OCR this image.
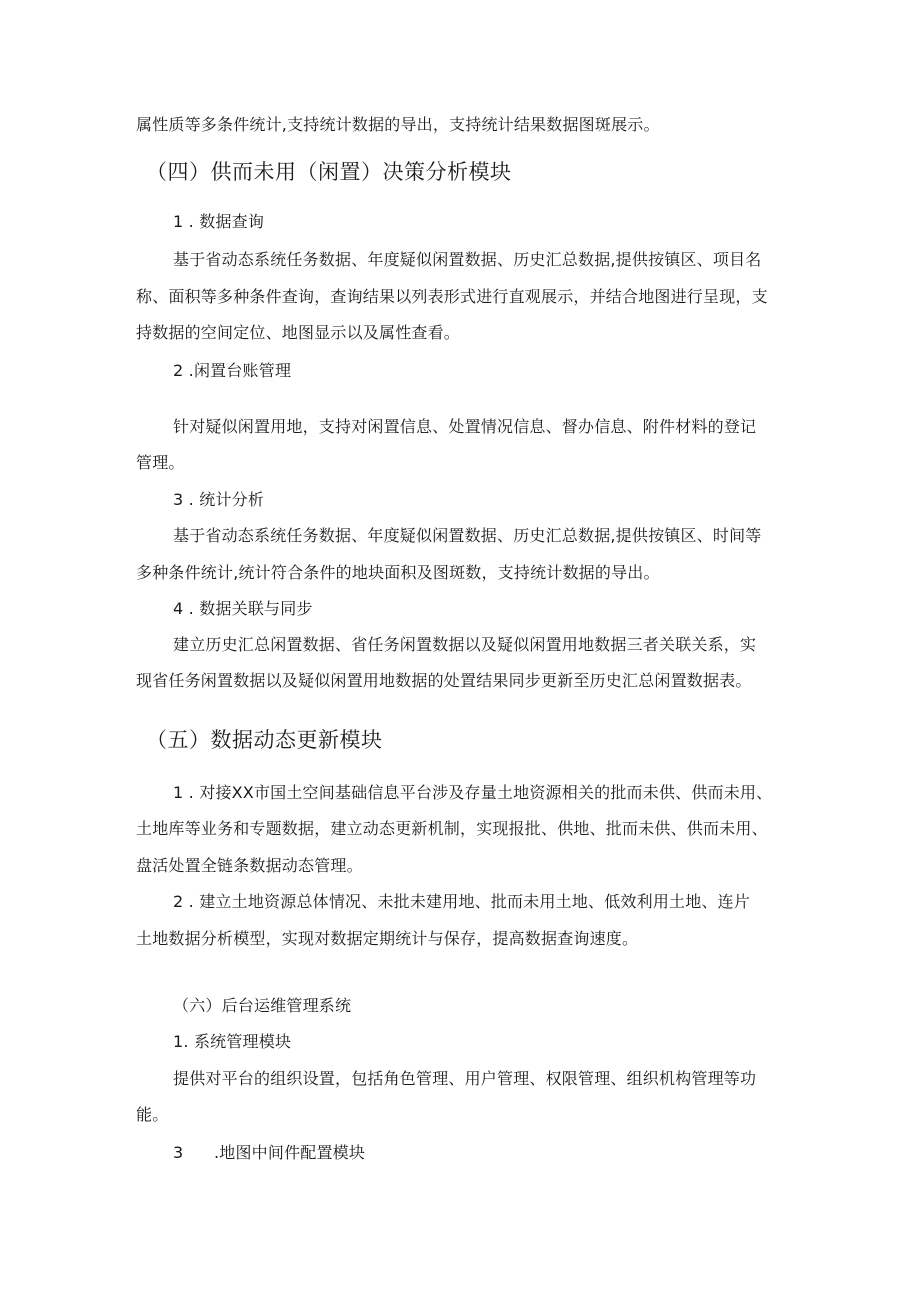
属性质等多条件统计,支持统计数据的导出，支持统计结果数据图斑展示。
（四）供而未用（闲置）决策分析模块
1 . 数据查询
基于省动态系统任务数据、年度疑似闲置数据、历史汇总数据,提供按镇区、项目名
称、面积等多种条件查询，查询结果以列表形式进行直观展示，并结合地图进行呈现，支
持数据的空间定位、地图显示以及属性查看。
2 .闲置台账管理
针对疑似闲置用地，支持对闲置信息、处置情况信息、督办信息、附件材料的登记
管理。
3 . 统计分析
基于省动态系统任务数据、年度疑似闲置数据、历史汇总数据,提供按镇区、时间等
多种条件统计,统计符合条件的地块面积及图斑数，支持统计数据的导出。
4 . 数据关联与同步
建立历史汇总闲置数据、省任务闲置数据以及疑似闲置用地数据三者关联关系，实
现省任务闲置数据以及疑似闲置用地数据的处置结果同步更新至历史汇总闲置数据表。
（五）数据动态更新模块
1 . 对接XX市国土空间基础信息平台涉及存量土地资源相关的批而未供、供而未用、
土地库等业务和专题数据，建立动态更新机制，实现报批、供地、批而未供、供而未用、
盘活处置全链条数据动态管理。
2 . 建立土地资源总体情况、未批未建用地、批而未用土地、低效利用土地、连片
土地数据分析模型，实现对数据定期统计与保存，提高数据查询速度。
（六）后台运维管理系统
1. 系统管理模块
提供对平台的组织设置，包括角色管理、用户管理、权限管理、组织机构管理等功
能。
3 .地图中间件配置模块
